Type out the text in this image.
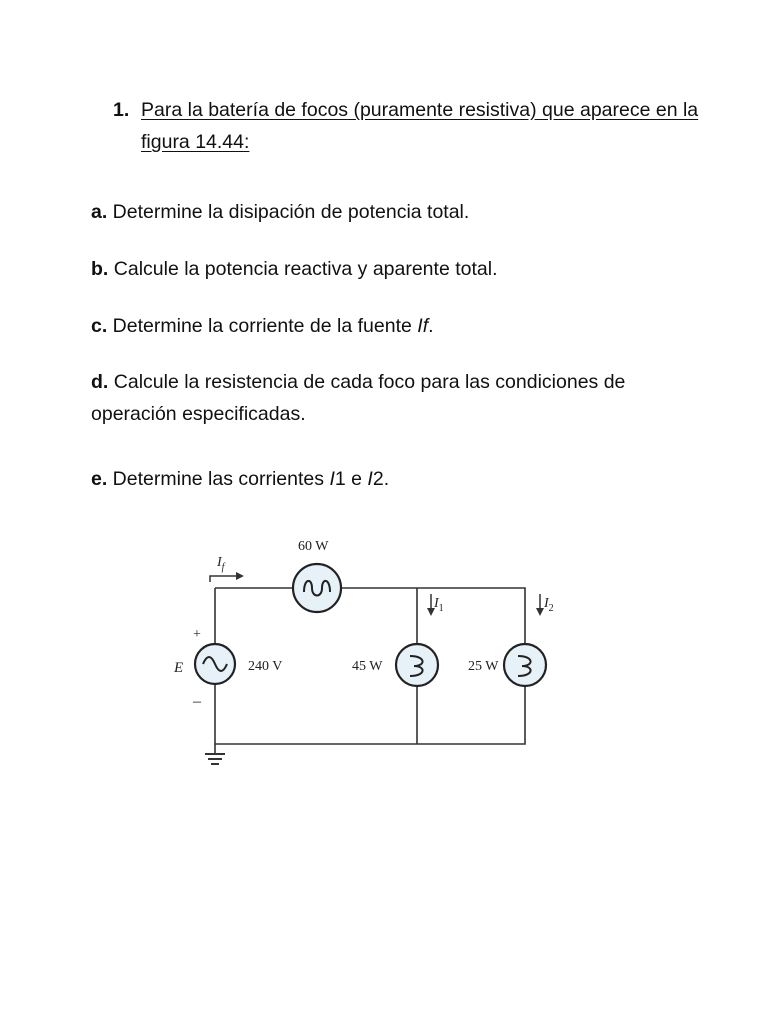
1. Para la batería de focos (puramente resistiva) que aparece en la figura 14.44:
a. Determine la disipación de potencia total.
b. Calcule la potencia reactiva y aparente total.
c. Determine la corriente de la fuente If.
d. Calcule la resistencia de cada foco para las condiciones de operación especificadas.
e. Determine las corrientes I1 e I2.
60 W
45 W	25 W
240 V
E
+
–
$I_f$
$I_1$	$I_2$
